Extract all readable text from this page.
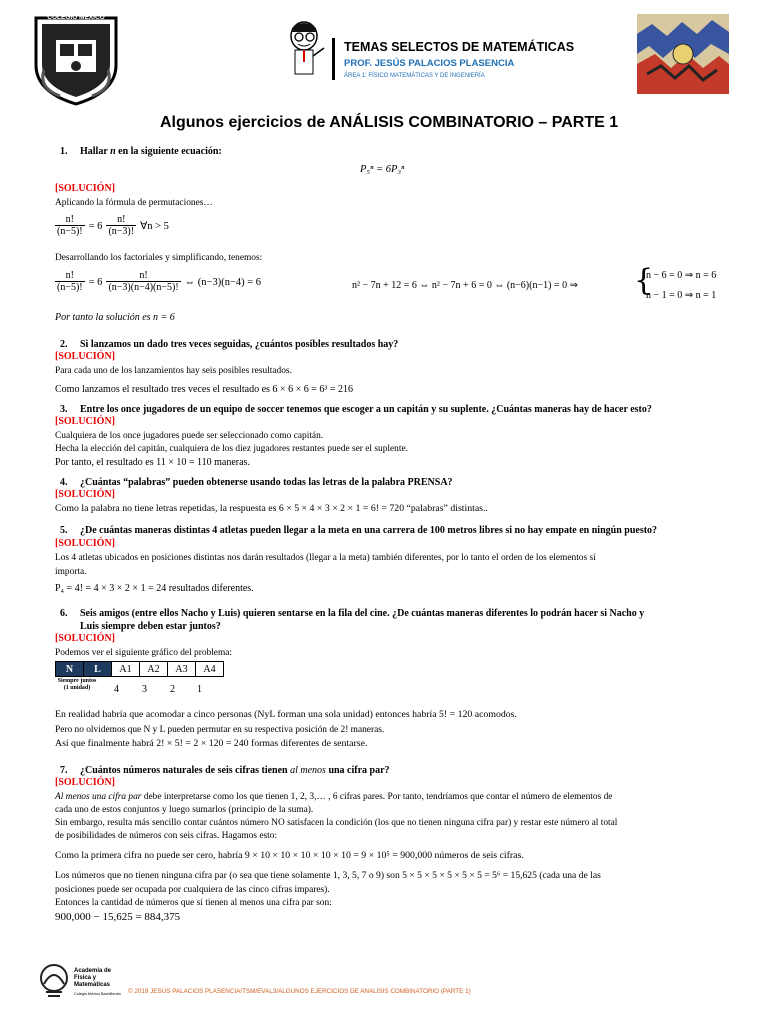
COLEGIO MÉXICO
TEMAS SELECTOS DE MATEMÁTICAS
PROF. JESÚS PALACIOS PLASENCIA
ÁREA 1: FÍSICO MATEMÁTICAS Y DE INGENIERÍA
Algunos ejercicios de ANÁLISIS COMBINATORIO – PARTE 1
1. Hallar n en la siguiente ecuación:
P₅ⁿ = 6P₃ⁿ
[SOLUCIÓN]
Aplicando la fórmula de permutaciones…
$\frac{n!}{(n-5)!} = 6 \frac{n!}{(n-3)!}$ ∀n > 5
Desarrollando los factoriales y simplificando, tenemos:
$\frac{n!}{(n-5)!} = 6 \frac{n!}{(n-3)(n-4)(n-5)!}$ ⇔ (n−3)(n−4) = 6	n² − 7n + 12 = 6 ⇔ n² − 7n + 6 = 0 ⇔ (n−6)(n−1) = 0 ⇒ {
n − 6 = 0 ⇒ n = 6
n − 1 = 0 ⇒ n = 1
Por tanto la solución es n = 6
2. Si lanzamos un dado tres veces seguidas, ¿cuántos posibles resultados hay?
[SOLUCIÓN]
Para cada uno de los lanzamientos hay seis posibles resultados.
Como lanzamos el resultado tres veces el resultado es 6 × 6 × 6 = 6³ = 216
3. Entre los once jugadores de un equipo de soccer tenemos que escoger a un capitán y su suplente. ¿Cuántas maneras hay de hacer esto?
[SOLUCIÓN]
Cualquiera de los once jugadores puede ser seleccionado como capitán.
Hecha la elección del capitán, cualquiera de los diez jugadores restantes puede ser el suplente.
Por tanto, el resultado es 11 × 10 = 110 maneras.
4. ¿Cuántas “palabras” pueden obtenerse usando todas las letras de la palabra PRENSA?
[SOLUCIÓN]
Como la palabra no tiene letras repetidas, la respuesta es 6 × 5 × 4 × 3 × 2 × 1 = 6! = 720 “palabras” distintas..
5. ¿De cuántas maneras distintas 4 atletas pueden llegar a la meta en una carrera de 100 metros libres si no hay empate en ningún puesto?
[SOLUCIÓN]
Los 4 atletas ubicados en posiciones distintas nos darán resultados (llegar a la meta) también diferentes, por lo tanto el orden de los elementos sí
importa.
P₄ = 4! = 4 × 3 × 2 × 1 = 24 resultados diferentes.
6. Seis amigos (entre ellos Nacho y Luis) quieren sentarse en la fila del cine. ¿De cuántas maneras diferentes lo podrán hacer si Nacho y
Luis siempre deben estar juntos?
[SOLUCIÓN]
Podemos ver el siguiente gráfico del problema:
N	L	A1	A2	A3	A4
Siempre juntos (1 unidad)	4 3 2 1
En realidad habría que acomodar a cinco personas (NyL forman una sola unidad) entonces habría 5! = 120 acomodos.
Pero no olvidemos que N y L pueden permutar en su respectiva posición de 2! maneras.
Así que finalmente habrá 2! × 5! = 2 × 120 = 240 formas diferentes de sentarse.
7. ¿Cuántos números naturales de seis cifras tienen al menos una cifra par?
[SOLUCIÓN]
Al menos una cifra par debe interpretarse como los que tienen 1, 2, 3,… , 6 cifras pares. Por tanto, tendríamos que contar el número de elementos de
cada uno de estos conjuntos y luego sumarlos (principio de la suma).
Sin embargo, resulta más sencillo contar cuántos número NO satisfacen la condición (los que no tienen ninguna cifra par) y restar este número al total
de posibilidades de números con seis cifras. Hagamos esto:
Como la primera cifra no puede ser cero, habría 9 × 10 × 10 × 10 × 10 × 10 = 9 × 10⁵ = 900,000 números de seis cifras.
Los números que no tienen ninguna cifra par (o sea que tiene solamente 1, 3, 5, 7 o 9) son 5 × 5 × 5 × 5 × 5 × 5 = 5⁶ = 15,625 (cada una de las
posiciones puede ser ocupada por cualquiera de las cinco cifras impares).
Entonces la cantidad de números que sí tienen al menos una cifra par son:
900,000 − 15,625 = 884,375
Academia de Física y Matemáticas
Colegio México Bachillerato © 2019 JESÚS PALACIOS PLASENCIA/TSM/EVAL3/ALGUNOS EJERCICIOS DE ANALISIS COMBINATORIO (PARTE 1)
